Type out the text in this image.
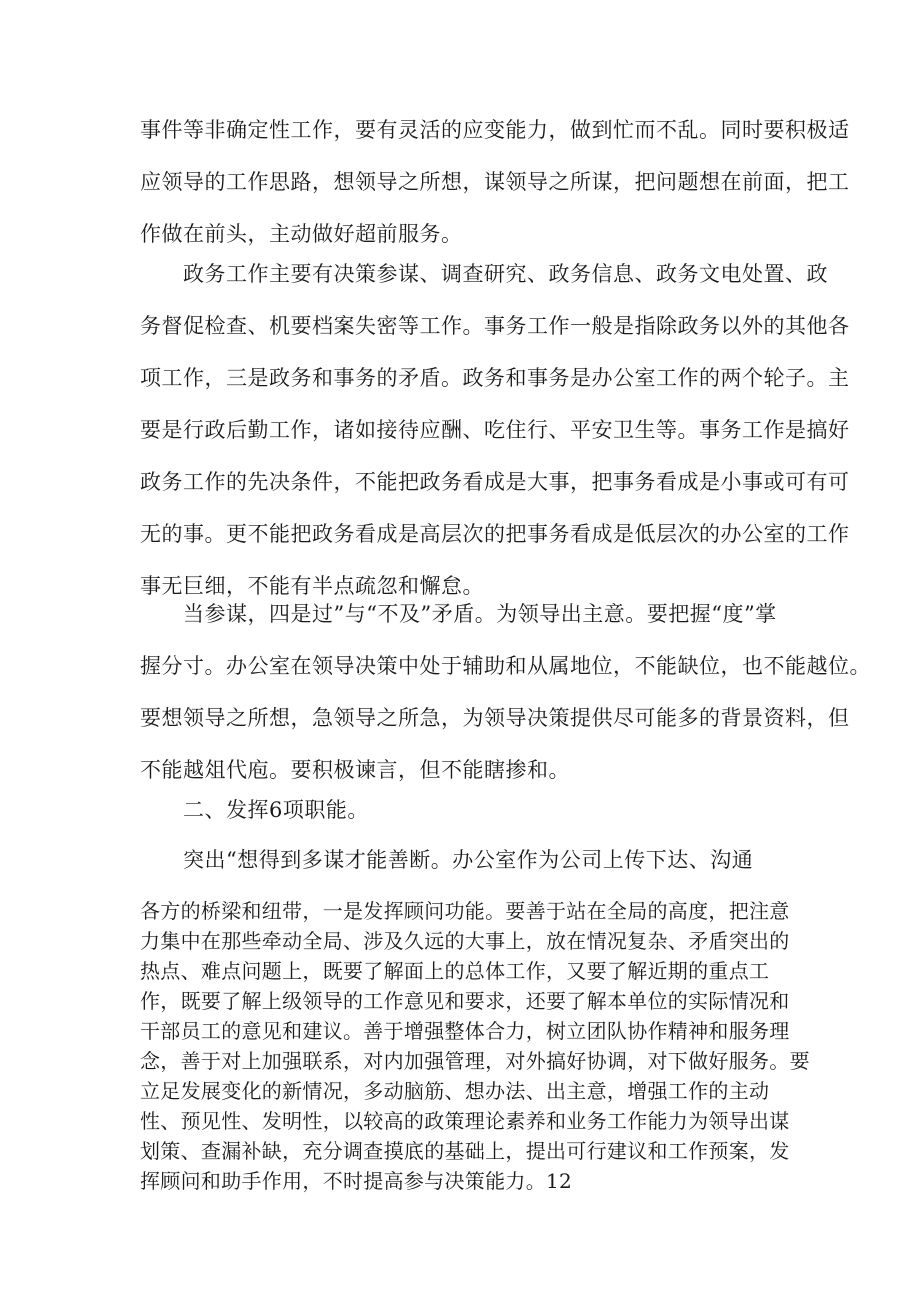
事件等非确定性工作，要有灵活的应变能力，做到忙而不乱。同时要积极适
应领导的工作思路，想领导之所想，谋领导之所谋，把问题想在前面，把工
作做在前头，主动做好超前服务。

　　政务工作主要有决策参谋、调查研究、政务信息、政务文电处置、政
务督促检查、机要档案失密等工作。事务工作一般是指除政务以外的其他各
项工作，三是政务和事务的矛盾。政务和事务是办公室工作的两个轮子。主
要是行政后勤工作，诸如接待应酬、吃住行、平安卫生等。事务工作是搞好
政务工作的先决条件，不能把政务看成是大事，把事务看成是小事或可有可
无的事。更不能把政务看成是高层次的把事务看成是低层次的办公室的工作
事无巨细，不能有半点疏忽和懈怠。

　　当参谋，四是过”与“不及”矛盾。为领导出主意。要把握“度”掌
握分寸。办公室在领导决策中处于辅助和从属地位，不能缺位，也不能越位。
要想领导之所想，急领导之所急，为领导决策提供尽可能多的背景资料，但
不能越俎代庖。要积极谏言，但不能瞎掺和。

　　二、发挥6项职能。

　　突出“想得到多谋才能善断。办公室作为公司上传下达、沟通

各方的桥梁和纽带，一是发挥顾问功能。要善于站在全局的高度，把注意
力集中在那些牵动全局、涉及久远的大事上，放在情况复杂、矛盾突出的
热点、难点问题上，既要了解面上的总体工作，又要了解近期的重点工
作，既要了解上级领导的工作意见和要求，还要了解本单位的实际情况和
干部员工的意见和建议。善于增强整体合力，树立团队协作精神和服务理
念，善于对上加强联系，对内加强管理，对外搞好协调，对下做好服务。要
立足发展变化的新情况，多动脑筋、想办法、出主意，增强工作的主动
性、预见性、发明性，以较高的政策理论素养和业务工作能力为领导出谋
划策、查漏补缺，充分调查摸底的基础上，提出可行建议和工作预案，发
挥顾问和助手作用，不时提高参与决策能力。12
